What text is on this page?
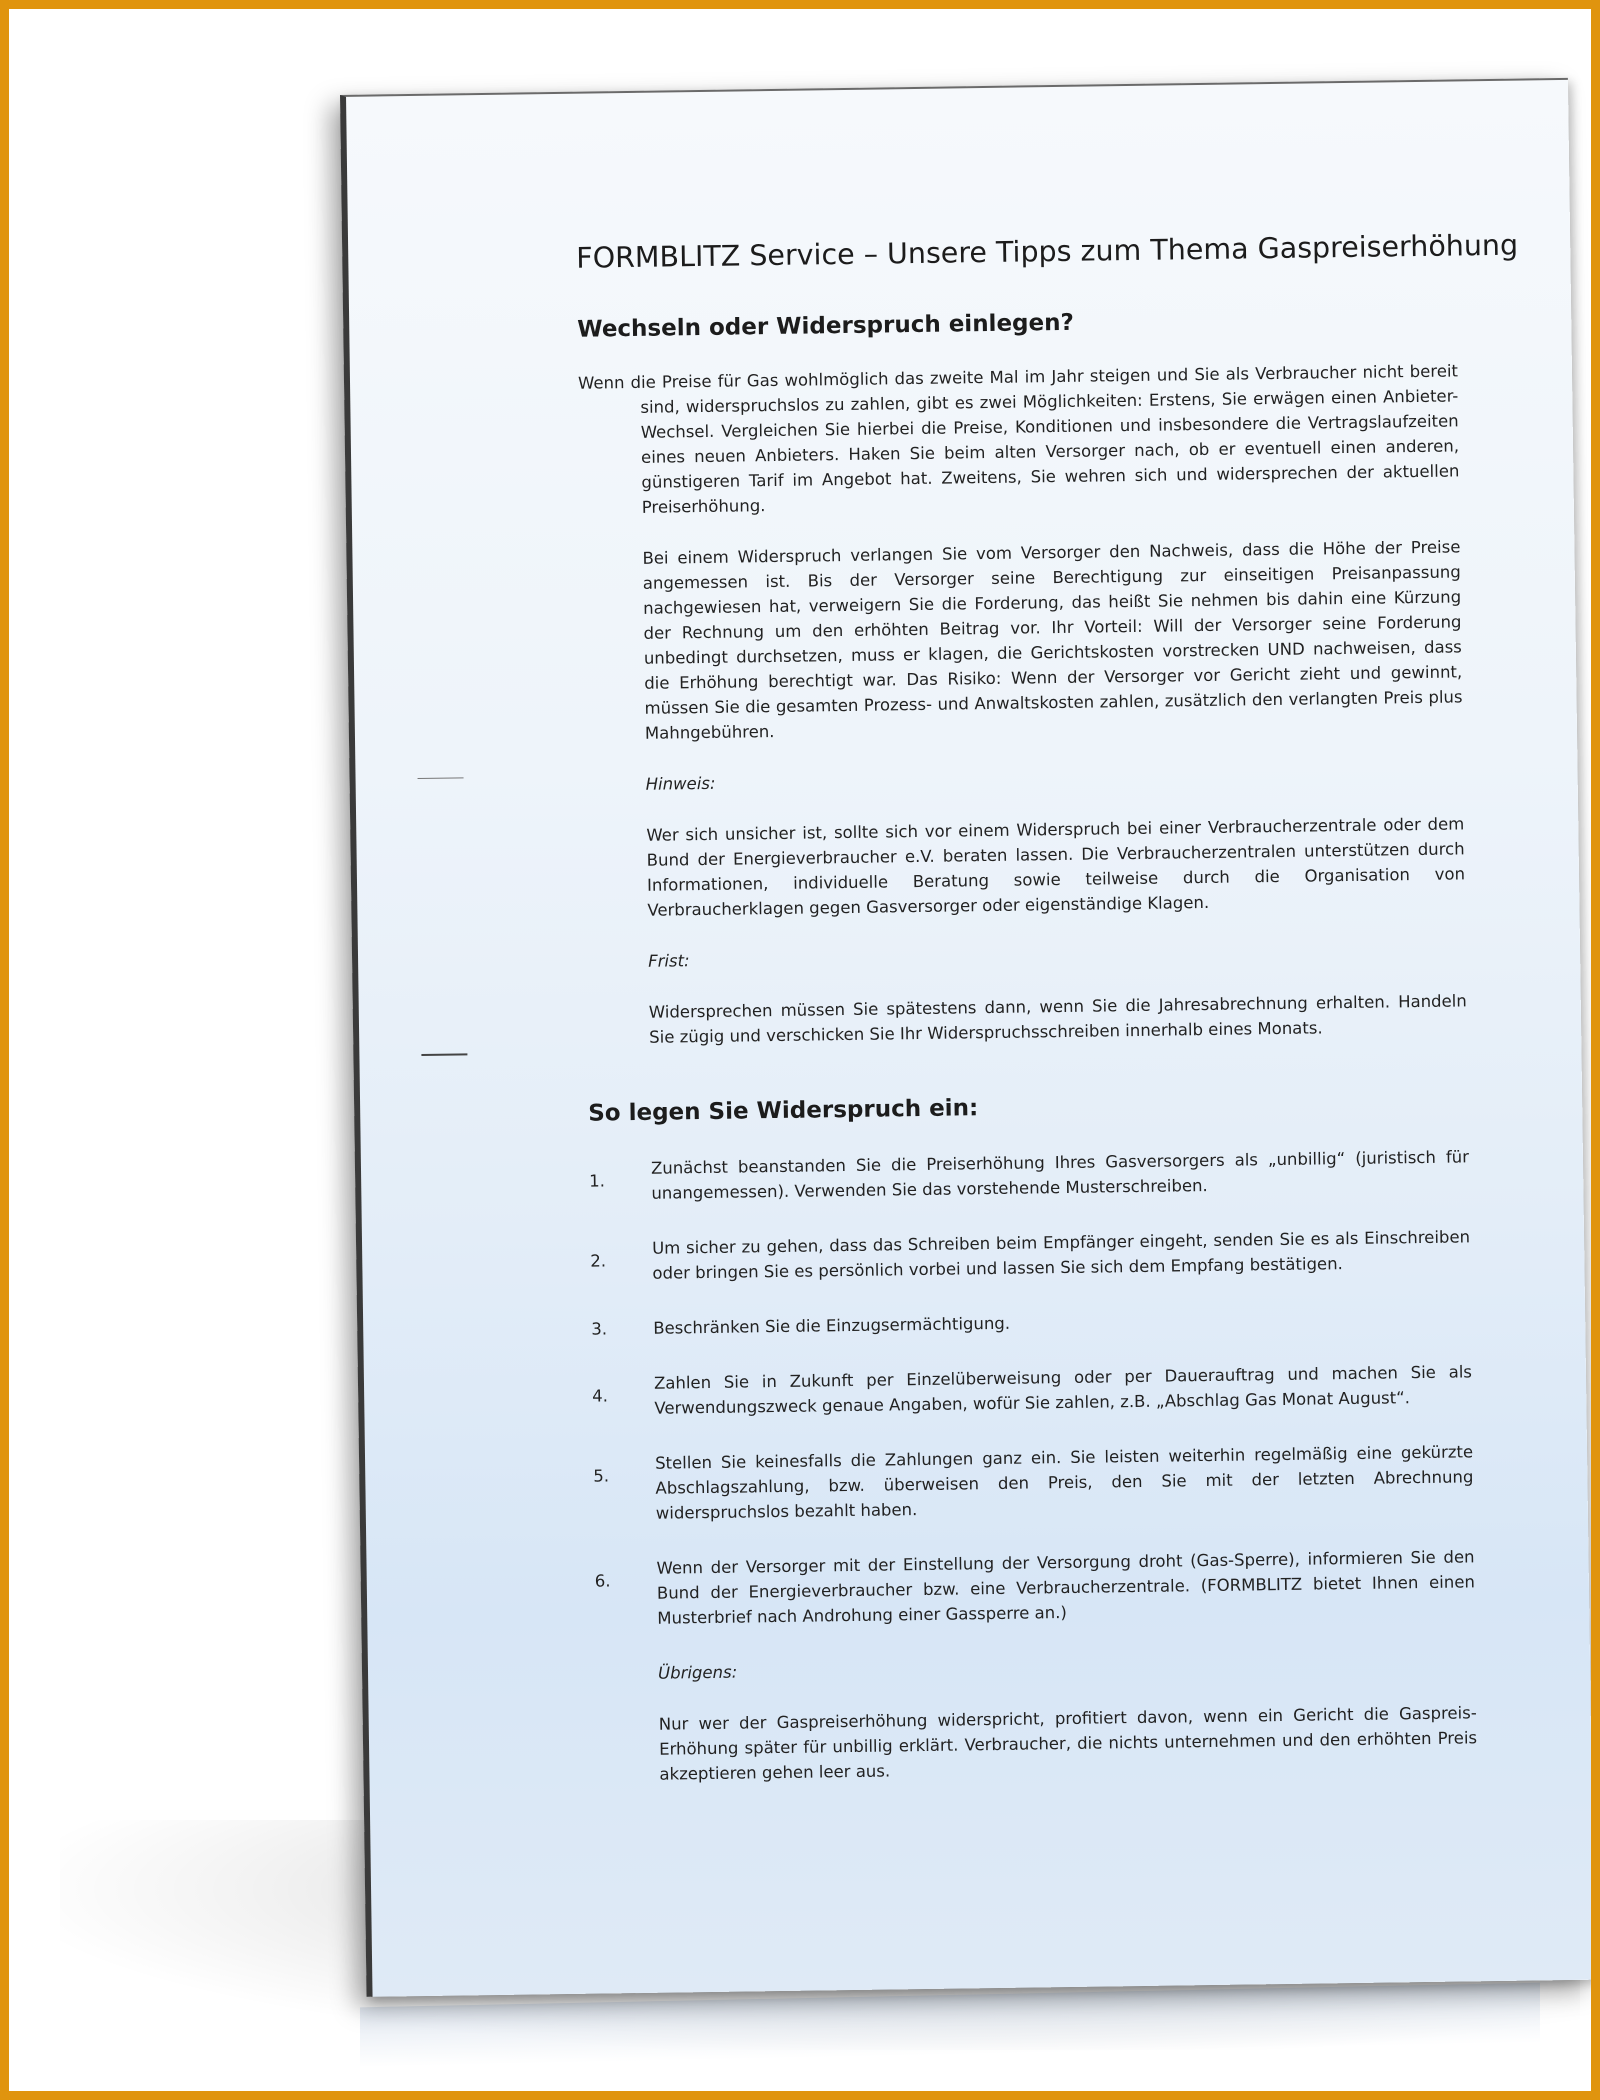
FORMBLITZ Service – Unsere Tipps zum Thema Gaspreiserhöhung
Wechseln oder Widerspruch einlegen?

Wenn die Preise für Gas wohlmöglich das zweite Mal im Jahr steigen und Sie als Verbraucher nicht bereit sind, widerspruchslos zu zahlen, gibt es zwei Möglichkeiten: Erstens, Sie erwägen einen Anbieter-Wechsel. Vergleichen Sie hierbei die Preise, Konditionen und insbesondere die Vertragslaufzeiten eines neuen Anbieters. Haken Sie beim alten Versorger nach, ob er eventuell einen anderen, günstigeren Tarif im Angebot hat. Zweitens, Sie wehren sich und widersprechen der aktuellen Preiserhöhung.

Bei einem Widerspruch verlangen Sie vom Versorger den Nachweis, dass die Höhe der Preise angemessen ist. Bis der Versorger seine Berechtigung zur einseitigen Preisanpassung nachgewiesen hat, verweigern Sie die Forderung, das heißt Sie nehmen bis dahin eine Kürzung der Rechnung um den erhöhten Beitrag vor. Ihr Vorteil: Will der Versorger seine Forderung unbedingt durchsetzen, muss er klagen, die Gerichtskosten vorstrecken UND nachweisen, dass die Erhöhung berechtigt war. Das Risiko: Wenn der Versorger vor Gericht zieht und gewinnt, müssen Sie die gesamten Prozess- und Anwaltskosten zahlen, zusätzlich den verlangten Preis plus Mahngebühren.

Hinweis:

Wer sich unsicher ist, sollte sich vor einem Widerspruch bei einer Verbraucherzentrale oder dem Bund der Energieverbraucher e.V. beraten lassen. Die Verbraucherzentralen unterstützen durch Informationen, individuelle Beratung sowie teilweise durch die Organisation von Verbraucherklagen gegen Gasversorger oder eigenständige Klagen.

Frist:

Widersprechen müssen Sie spätestens dann, wenn Sie die Jahresabrechnung erhalten. Handeln Sie zügig und verschicken Sie Ihr Widerspruchsschreiben innerhalb eines Monats.

So legen Sie Widerspruch ein:
1.
Zunächst beanstanden Sie die Preiserhöhung Ihres Gasversorgers als „unbillig“ (juristisch für unangemessen). Verwenden Sie das vorstehende Musterschreiben.
2.
Um sicher zu gehen, dass das Schreiben beim Empfänger eingeht, senden Sie es als Einschreiben oder bringen Sie es persönlich vorbei und lassen Sie sich dem Empfang bestätigen.
3.	Beschränken Sie die Einzugsermächtigung.
4.
Zahlen Sie in Zukunft per Einzelüberweisung oder per Dauerauftrag und machen Sie als Verwendungszweck genaue Angaben, wofür Sie zahlen, z.B. „Abschlag Gas Monat August“.
5.
Stellen Sie keinesfalls die Zahlungen ganz ein. Sie leisten weiterhin regelmäßig eine gekürzte Abschlagszahlung, bzw. überweisen den Preis, den Sie mit der letzten Abrechnung widerspruchslos bezahlt haben.
6.
Wenn der Versorger mit der Einstellung der Versorgung droht (Gas-Sperre), informieren Sie den Bund der Energieverbraucher bzw. eine Verbraucherzentrale. (FORMBLITZ bietet Ihnen einen Musterbrief nach Androhung einer Gassperre an.)

Übrigens:

Nur wer der Gaspreiserhöhung widerspricht, profitiert davon, wenn ein Gericht die Gaspreis-Erhöhung später für unbillig erklärt. Verbraucher, die nichts unternehmen und den erhöhten Preis akzeptieren gehen leer aus.
